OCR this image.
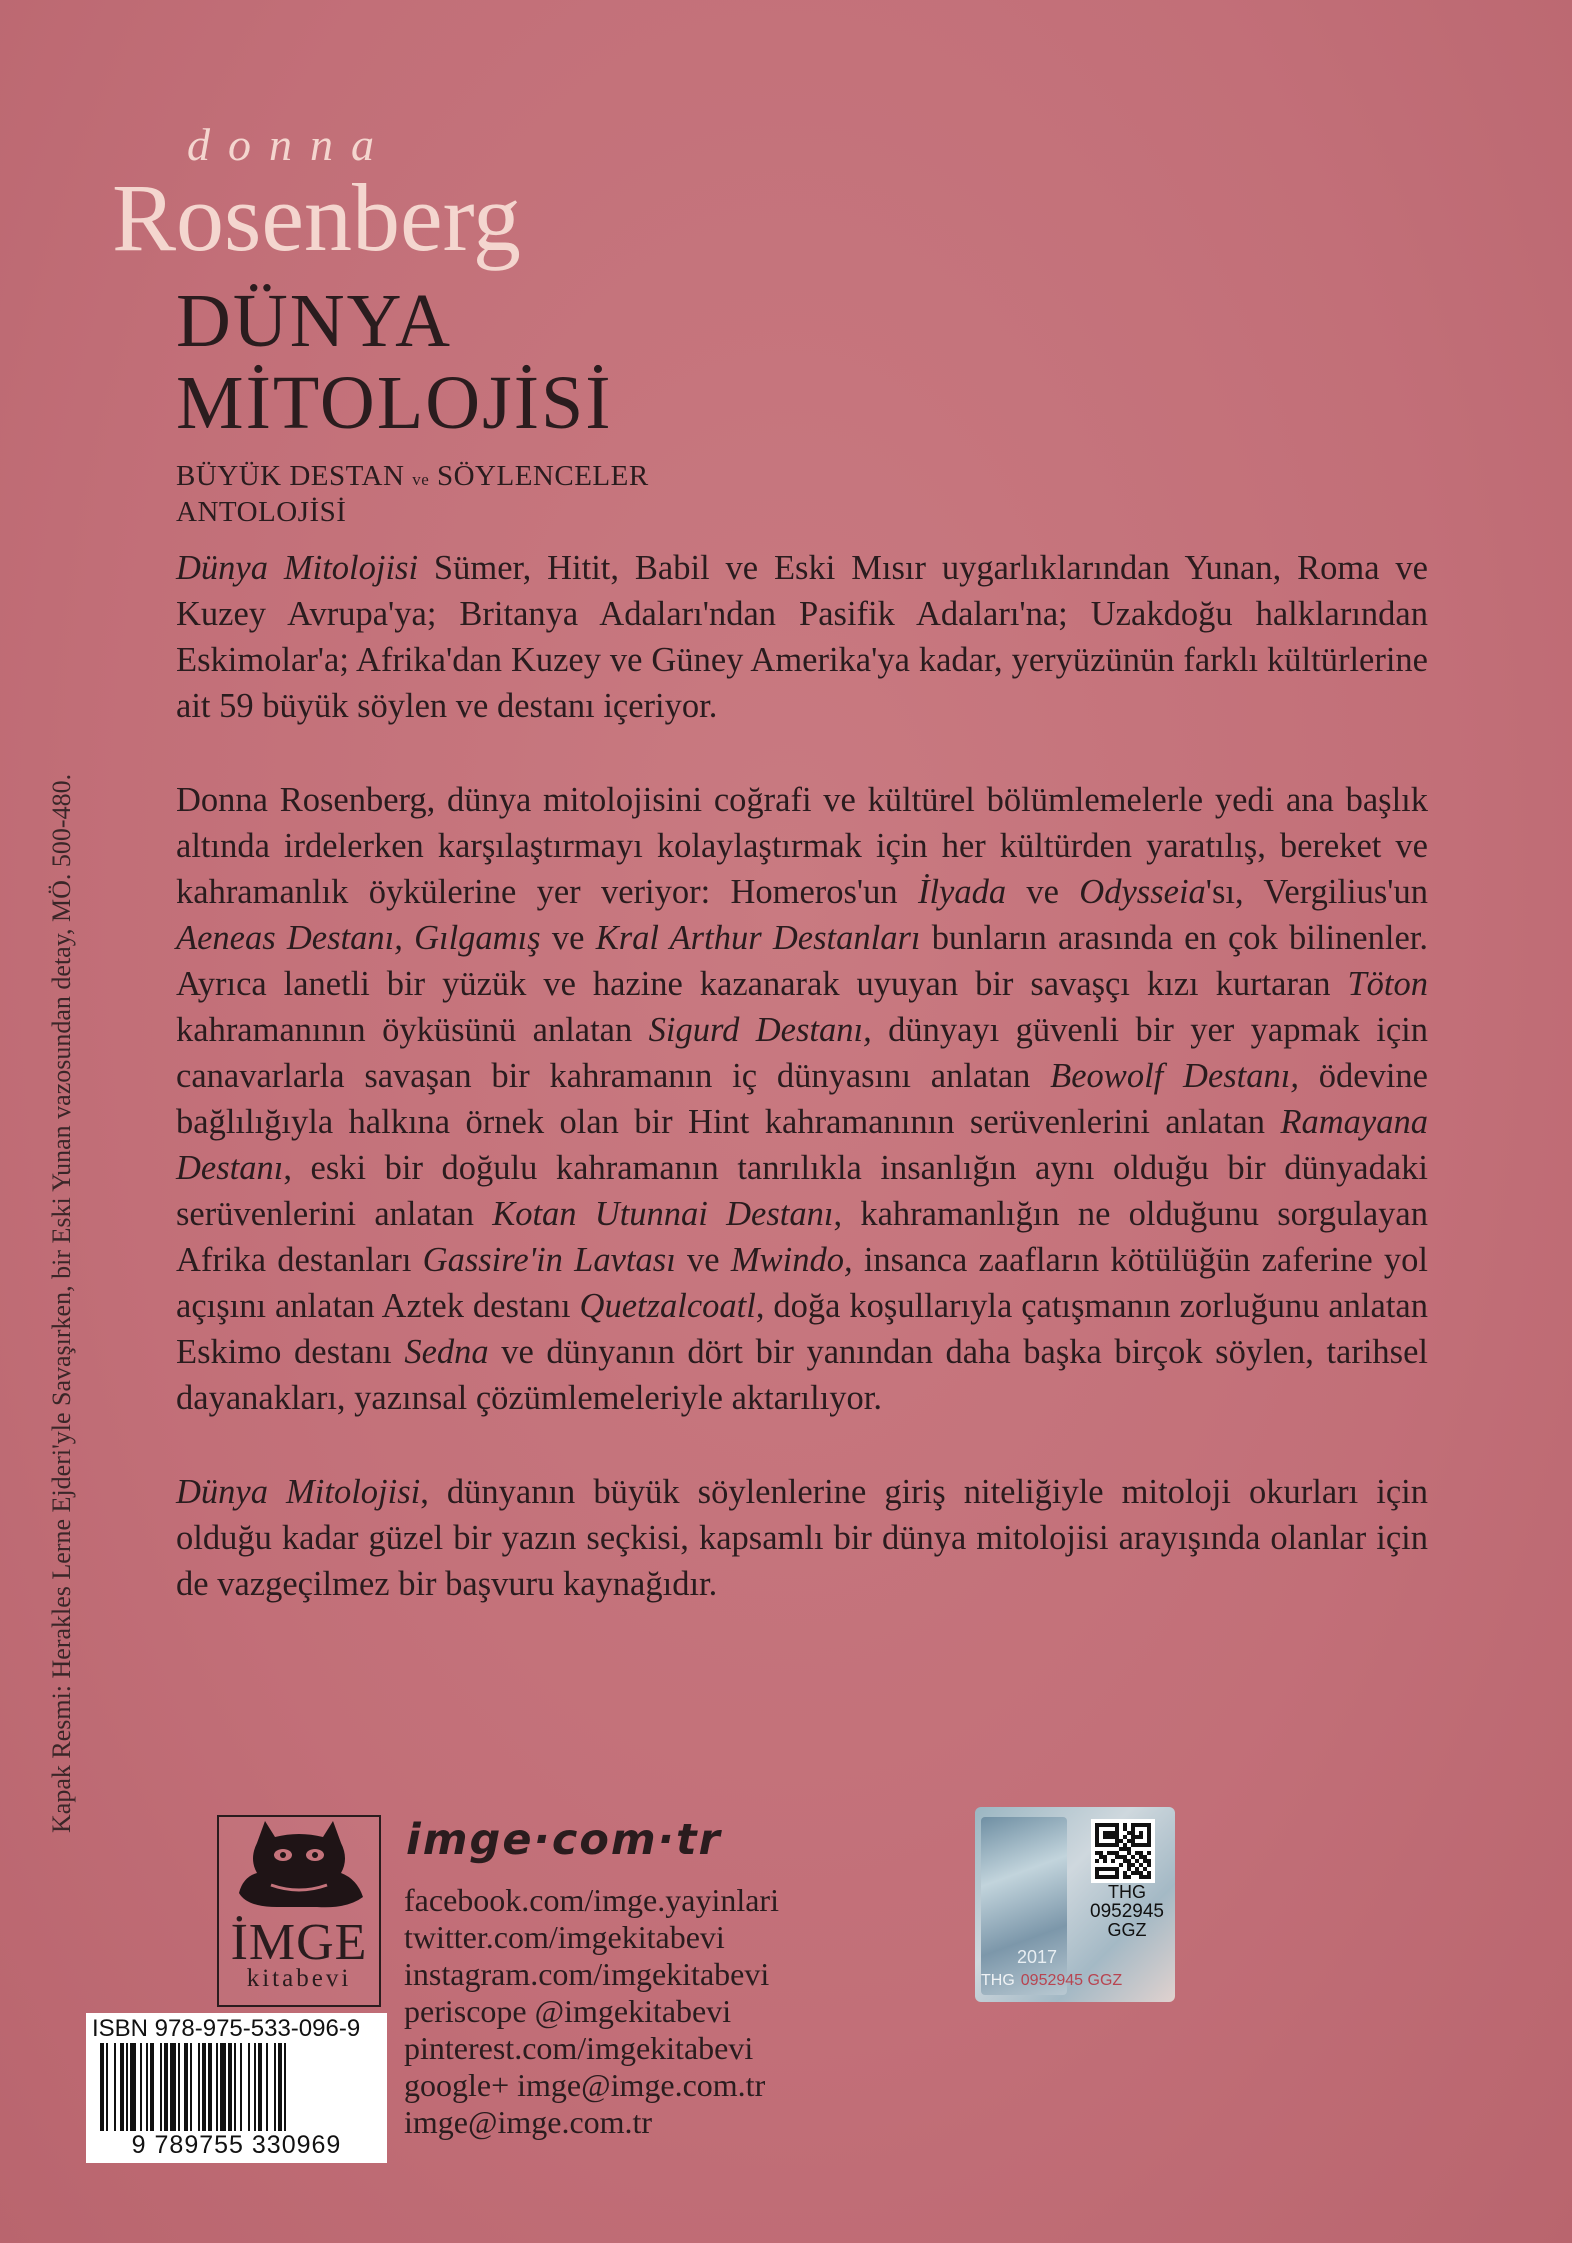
donna
Rosenberg
DÜNYA
MİTOLOJİSİ
BÜYÜK DESTAN ve SÖYLENCELER
ANTOLOJİSİ
Kapak Resmi: Herakles Lerne Ejderi'yle Savaşırken, bir Eski Yunan vazosundan detay, MÖ. 500-480.

Dünya Mitolojisi Sümer, Hitit, Babil ve Eski Mısır uygarlıklarından Yunan, Roma ve Kuzey Avrupa'ya; Britanya Adaları'ndan Pasifik Adaları'na; Uzakdoğu halklarından Eskimolar'a; Afrika'dan Kuzey ve Güney Amerika'ya kadar, yeryüzünün farklı kültürlerine ait 59 büyük söylen ve destanı içeriyor.

Donna Rosenberg, dünya mitolojisini coğrafi ve kültürel bölümlemelerle yedi ana başlık altında irdelerken karşılaştırmayı kolaylaştırmak için her kültürden yaratılış, bereket ve kahramanlık öykülerine yer veriyor: Homeros'un İlyada ve Odysseia'sı, Vergilius'un Aeneas Destanı, Gılgamış ve Kral Arthur Destanları bunların arasında en çok bilinenler. Ayrıca lanetli bir yüzük ve hazine kazanarak uyuyan bir savaşçı kızı kurtaran Töton kahramanının öyküsünü anlatan Sigurd Destanı, dünyayı güvenli bir yer yapmak için canavarlarla savaşan bir kahramanın iç dünyasını anlatan Beowolf Destanı, ödevine bağlılığıyla halkına örnek olan bir Hint kahramanının serüvenlerini anlatan Ramayana Destanı, eski bir doğulu kahramanın tanrılıkla insanlığın aynı olduğu bir dünyadaki serüvenlerini anlatan Kotan Utunnai Destanı, kahramanlığın ne olduğunu sorgulayan Afrika destanları Gassire'in Lavtası ve Mwindo, insanca zaafların kötülüğün zaferine yol açışını anlatan Aztek destanı Quetzalcoatl, doğa koşullarıyla çatışmanın zorluğunu anlatan Eskimo destanı Sedna ve dünyanın dört bir yanından daha başka birçok söylen, tarihsel dayanakları, yazınsal çözümlemeleriyle aktarılıyor.

Dünya Mitolojisi, dünyanın büyük söylenlerine giriş niteliğiyle mitoloji okurları için olduğu kadar güzel bir yazın seçkisi, kapsamlı bir dünya mitolojisi arayışında olanlar için de vazgeçilmez bir başvuru kaynağıdır.

İMGE
kitabevi
imge·com·tr
facebook.com/imge.yayinlari
twitter.com/imgekitabevi
instagram.com/imgekitabevi
periscope @imgekitabevi
pinterest.com/imgekitabevi
google+ imge@imge.com.tr
imge@imge.com.tr
ISBN 978-975-533-096-9
9 789755 330969
2017
THG
0952945
GGZ
THG 0952945 GGZ
